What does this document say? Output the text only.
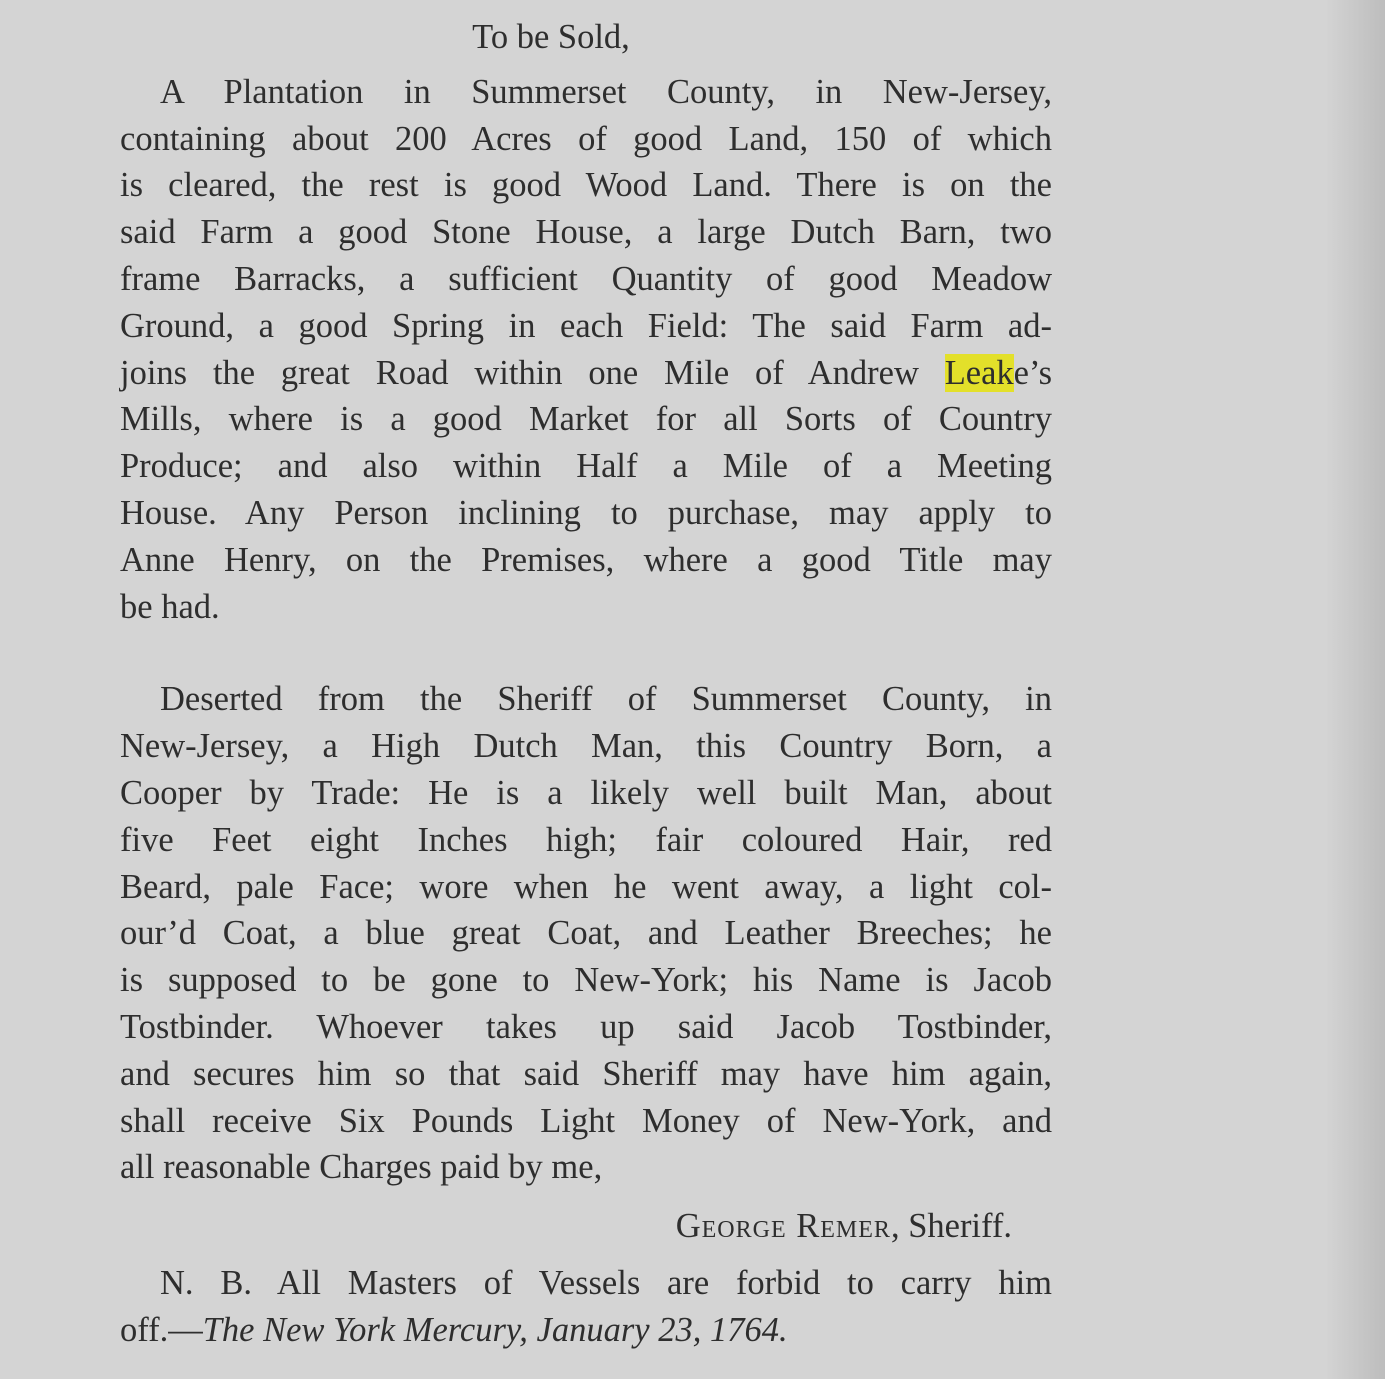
To be Sold,
A Plantation in Summerset County, in New-Jersey,
containing about 200 Acres of good Land, 150 of which
is cleared, the rest is good Wood Land. There is on the
said Farm a good Stone House, a large Dutch Barn, two
frame Barracks, a sufficient Quantity of good Meadow
Ground, a good Spring in each Field: The said Farm ad-
joins the great Road within one Mile of Andrew Leake’s
Mills, where is a good Market for all Sorts of Country
Produce; and also within Half a Mile of a Meeting
House. Any Person inclining to purchase, may apply to
Anne Henry, on the Premises, where a good Title may
be had.
Deserted from the Sheriff of Summerset County, in
New-Jersey, a High Dutch Man, this Country Born, a
Cooper by Trade: He is a likely well built Man, about
five Feet eight Inches high; fair coloured Hair, red
Beard, pale Face; wore when he went away, a light col-
our’d Coat, a blue great Coat, and Leather Breeches; he
is supposed to be gone to New-York; his Name is Jacob
Tostbinder. Whoever takes up said Jacob Tostbinder,
and secures him so that said Sheriff may have him again,
shall receive Six Pounds Light Money of New-York, and
all reasonable Charges paid by me,
George Remer, Sheriff.
N. B. All Masters of Vessels are forbid to carry him
off.—The New York Mercury, January 23, 1764.
